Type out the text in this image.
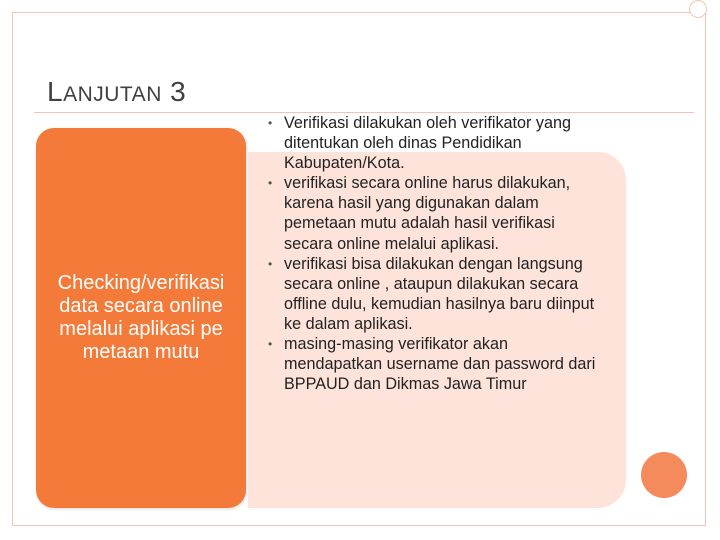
LANJUTAN 3
Checking/verifikasi data secara online melalui aplikasi pemetaan mutu
• Verifikasi dilakukan oleh verifikator yang ditentukan oleh dinas Pendidikan Kabupaten/Kota.
• verifikasi secara online harus dilakukan, karena hasil yang digunakan dalam pemetaan mutu adalah hasil verifikasi secara online melalui aplikasi.
• verifikasi bisa dilakukan dengan langsung secara online , ataupun dilakukan secara offline dulu, kemudian hasilnya baru diinput ke dalam aplikasi.
• masing-masing verifikator akan mendapatkan username dan password dari BPPAUD dan Dikmas Jawa Timur
